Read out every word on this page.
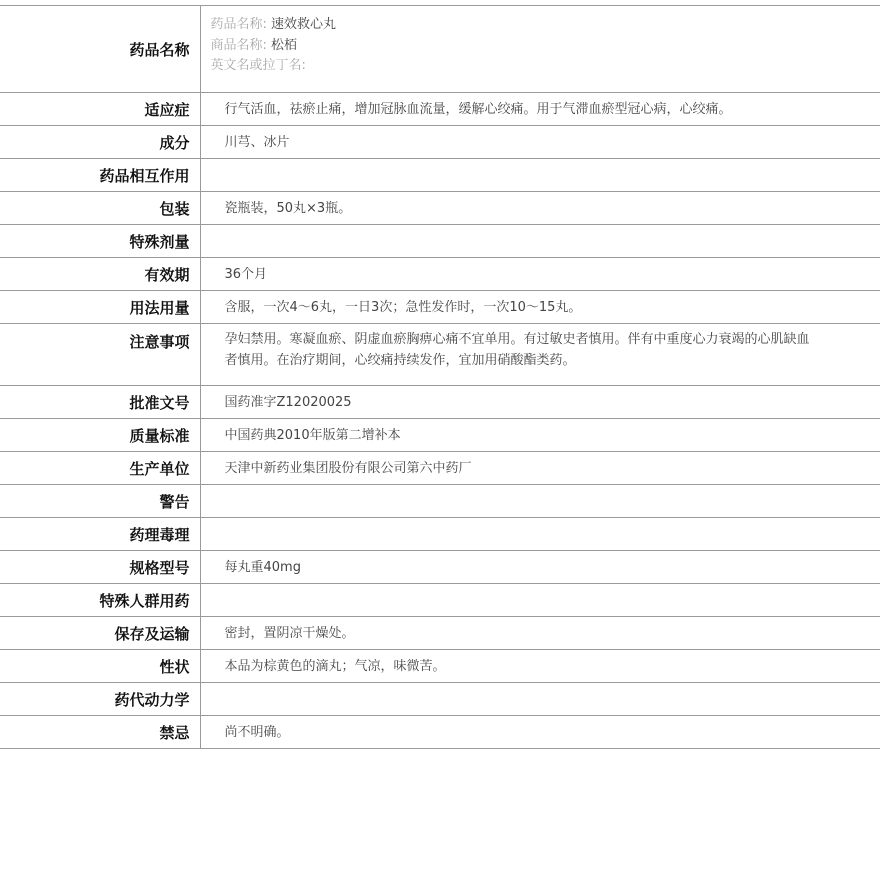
药品名称	药品名称: 速效救心丸
商品名称: 松栢
英文名或拉丁名:

适应症	行气活血，祛瘀止痛，增加冠脉血流量，缓解心绞痛。用于气滞血瘀型冠心病，心绞痛。
成分	川芎、冰片
药品相互作用	
包装	瓷瓶装，50丸×3瓶。
特殊剂量	
有效期	36个月
用法用量	含服，一次4～6丸，一日3次；急性发作时，一次10～15丸。
注意事项	孕妇禁用。寒凝血瘀、阴虚血瘀胸痹心痛不宜单用。有过敏史者慎用。伴有中重度心力衰竭的心肌缺血者慎用。在治疗期间，心绞痛持续发作，宜加用硝酸酯类药。
批准文号	国药准字Z12020025
质量标准	中国药典2010年版第二增补本
生产单位	天津中新药业集团股份有限公司第六中药厂
警告	
药理毒理	
规格型号	每丸重40mg
特殊人群用药	
保存及运输	密封，置阴凉干燥处。
性状	本品为棕黄色的滴丸；气凉，味微苦。
药代动力学	
禁忌	尚不明确。
